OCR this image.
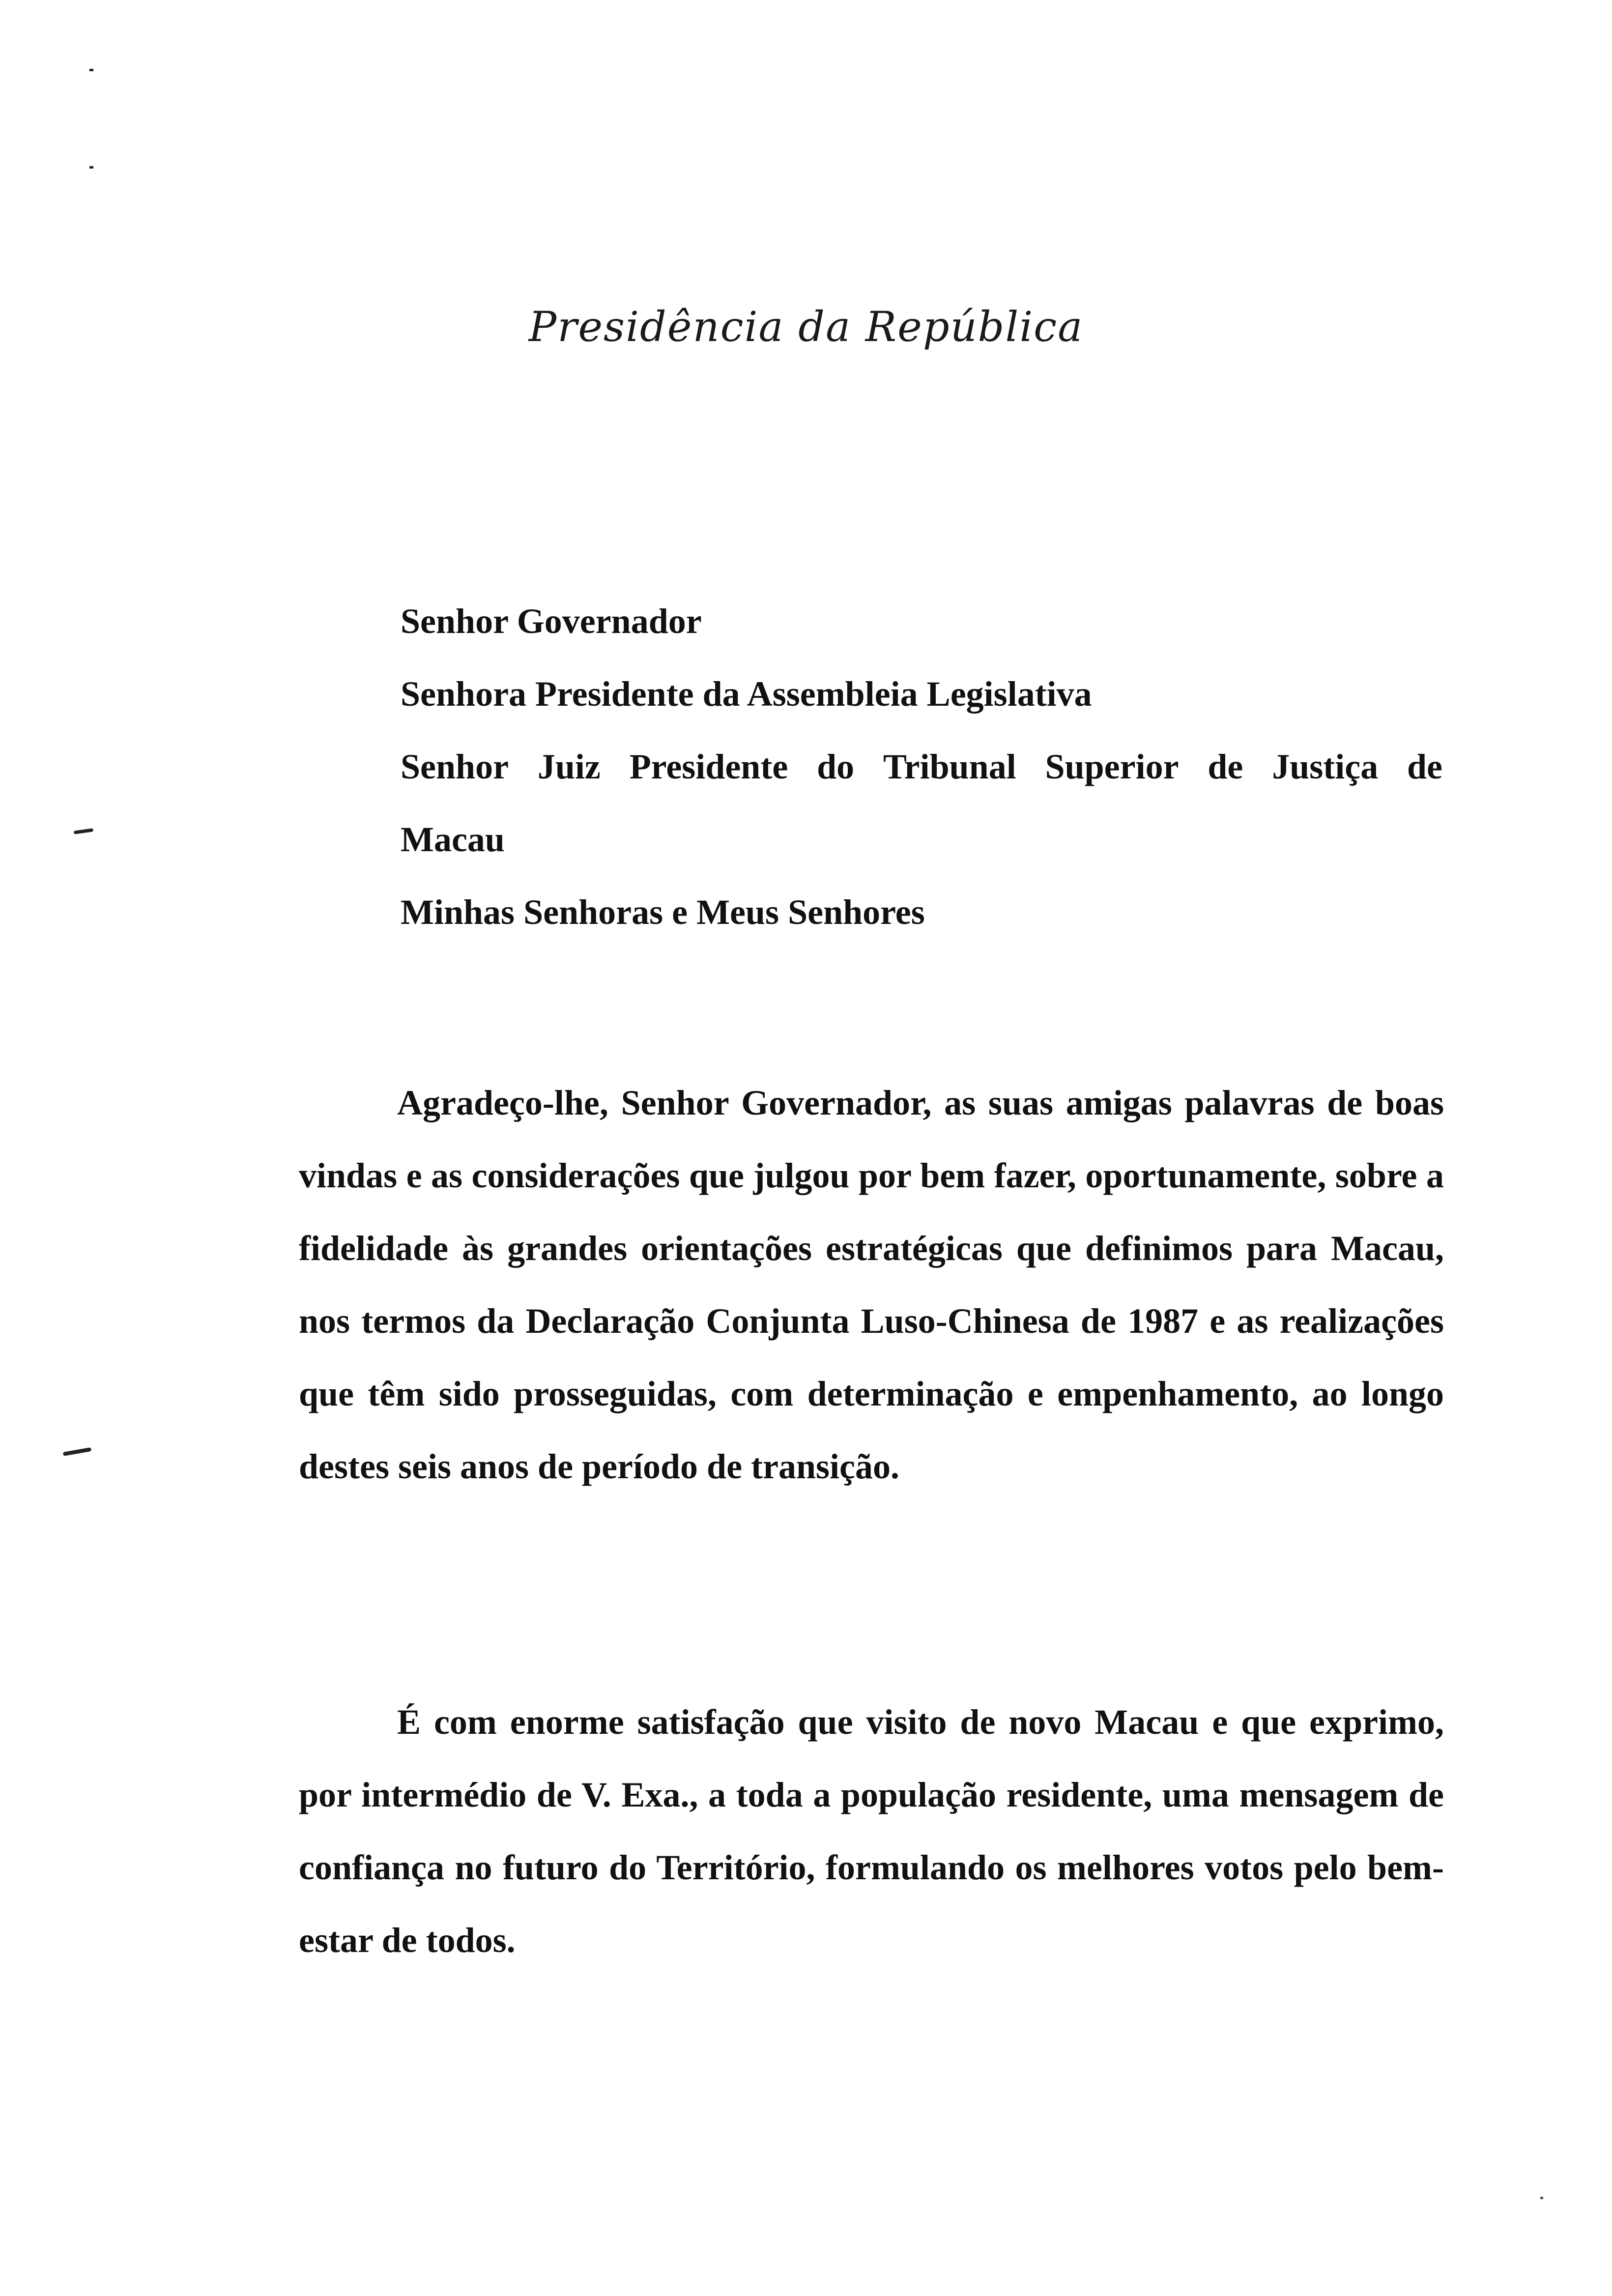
Presidência da República
Senhor Governador
Senhora Presidente da Assembleia Legislativa
Senhor Juiz Presidente do Tribunal Superior de Justiça de
Macau
Minhas Senhoras e Meus Senhores

Agradeço-lhe, Senhor Governador, as suas amigas palavras de boas vindas e as considerações que julgou por bem fazer, oportunamente, sobre a fidelidade às grandes orientações estratégicas que definimos para Macau, nos termos da Declaração Conjunta Luso-Chinesa de 1987 e as realizações que têm sido prosseguidas, com determinação e empenhamento, ao longo destes seis anos de período de transição.

É com enorme satisfação que visito de novo Macau e que exprimo, por intermédio de V. Exa., a toda a população residente, uma mensagem de confiança no futuro do Território, formulando os melhores votos pelo bem-estar de todos.
